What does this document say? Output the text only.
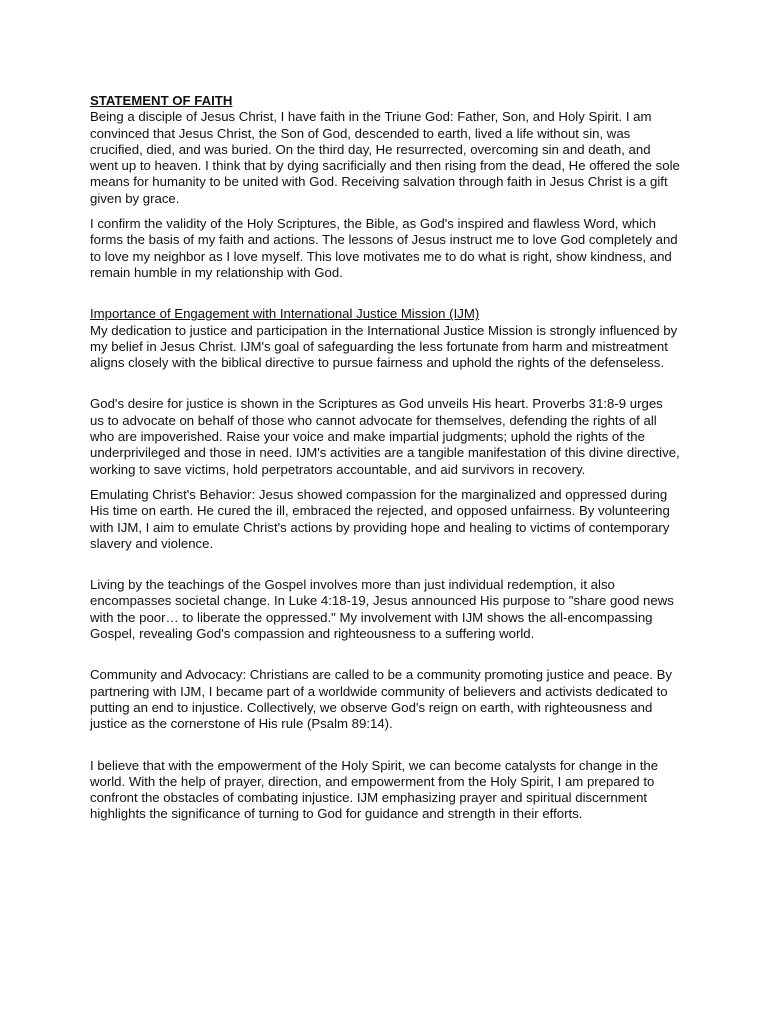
STATEMENT OF FAITH

Being a disciple of Jesus Christ, I have faith in the Triune God: Father, Son, and Holy Spirit. I am convinced that Jesus Christ, the Son of God, descended to earth, lived a life without sin, was crucified, died, and was buried. On the third day, He resurrected, overcoming sin and death, and went up to heaven. I think that by dying sacrificially and then rising from the dead, He offered the sole means for humanity to be united with God. Receiving salvation through faith in Jesus Christ is a gift given by grace.

I confirm the validity of the Holy Scriptures, the Bible, as God's inspired and flawless Word, which forms the basis of my faith and actions. The lessons of Jesus instruct me to love God completely and to love my neighbor as I love myself. This love motivates me to do what is right, show kindness, and remain humble in my relationship with God.

Importance of Engagement with International Justice Mission (IJM)

My dedication to justice and participation in the International Justice Mission is strongly influenced by my belief in Jesus Christ. IJM's goal of safeguarding the less fortunate from harm and mistreatment aligns closely with the biblical directive to pursue fairness and uphold the rights of the defenseless.

God's desire for justice is shown in the Scriptures as God unveils His heart. Proverbs 31:8-9 urges us to advocate on behalf of those who cannot advocate for themselves, defending the rights of all who are impoverished. Raise your voice and make impartial judgments; uphold the rights of the underprivileged and those in need. IJM's activities are a tangible manifestation of this divine directive, working to save victims, hold perpetrators accountable, and aid survivors in recovery.

Emulating Christ's Behavior: Jesus showed compassion for the marginalized and oppressed during His time on earth. He cured the ill, embraced the rejected, and opposed unfairness. By volunteering with IJM, I aim to emulate Christ's actions by providing hope and healing to victims of contemporary slavery and violence.

Living by the teachings of the Gospel involves more than just individual redemption, it also encompasses societal change. In Luke 4:18-19, Jesus announced His purpose to "share good news with the poor… to liberate the oppressed." My involvement with IJM shows the all-encompassing Gospel, revealing God's compassion and righteousness to a suffering world.

Community and Advocacy: Christians are called to be a community promoting justice and peace. By partnering with IJM, I became part of a worldwide community of believers and activists dedicated to putting an end to injustice. Collectively, we observe God's reign on earth, with righteousness and justice as the cornerstone of His rule (Psalm 89:14).

I believe that with the empowerment of the Holy Spirit, we can become catalysts for change in the world. With the help of prayer, direction, and empowerment from the Holy Spirit, I am prepared to confront the obstacles of combating injustice. IJM emphasizing prayer and spiritual discernment highlights the significance of turning to God for guidance and strength in their efforts.
